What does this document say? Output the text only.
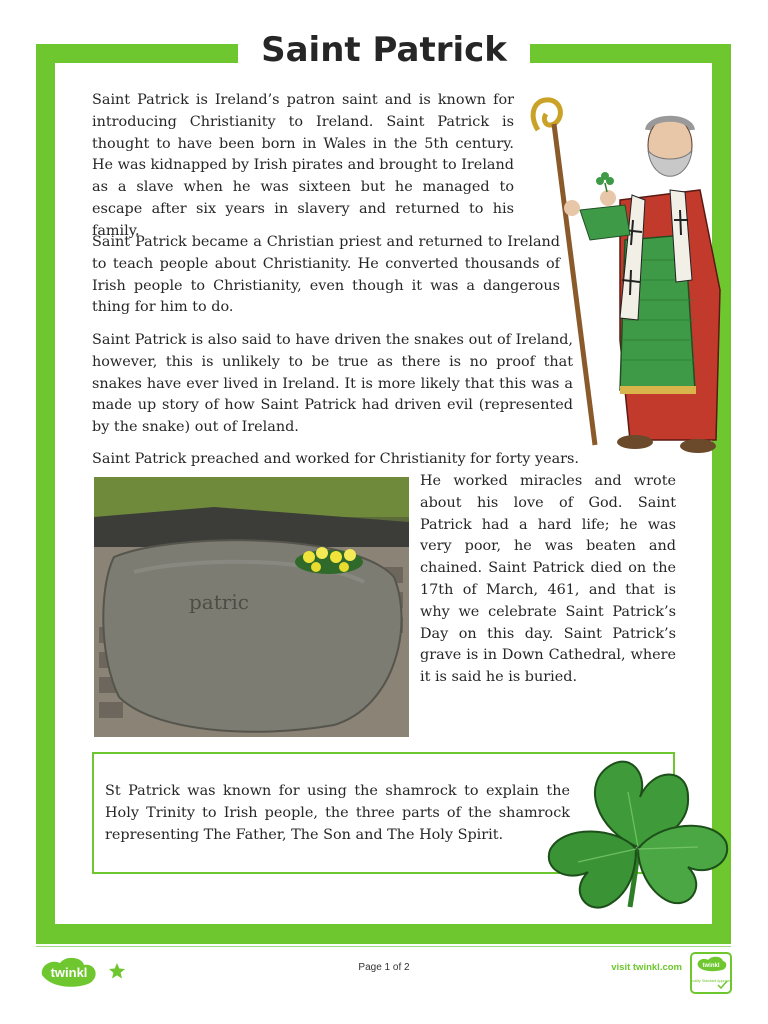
Saint Patrick

Saint Patrick is Ireland’s patron saint and is known for introducing Christianity to Ireland. Saint Patrick is thought to have been born in Wales in the 5th century. He was kidnapped by Irish pirates and brought to Ireland as a slave when he was sixteen but he managed to escape after six years in slavery and returned to his family.

Saint Patrick became a Christian priest and returned to Ireland to teach people about Christianity. He converted thousands of Irish people to Christianity, even though it was a dangerous thing for him to do.

Saint Patrick is also said to have driven the snakes out of Ireland, however, this is unlikely to be true as there is no proof that snakes have ever lived in Ireland. It is more likely that this was a made up story of how Saint Patrick had driven evil (represented by the snake) out of Ireland.

Saint Patrick preached and worked for Christianity for forty years.

He worked miracles and wrote about his love of God. Saint Patrick had a hard life; he was very poor, he was beaten and chained. Saint Patrick died on the 17th of March, 461, and that is why we celebrate Saint Patrick’s Day on this day. Saint Patrick’s grave is in Down Cathedral, where it is said he is buried.

patric

St Patrick was known for using the shamrock to explain the Holy Trinity to Irish people, the three parts of the shamrock representing The Father, The Son and The Holy Spirit.

twinkl	Page 1 of 2	visit twinkl.com	twinkl
Quality Standard Approved
